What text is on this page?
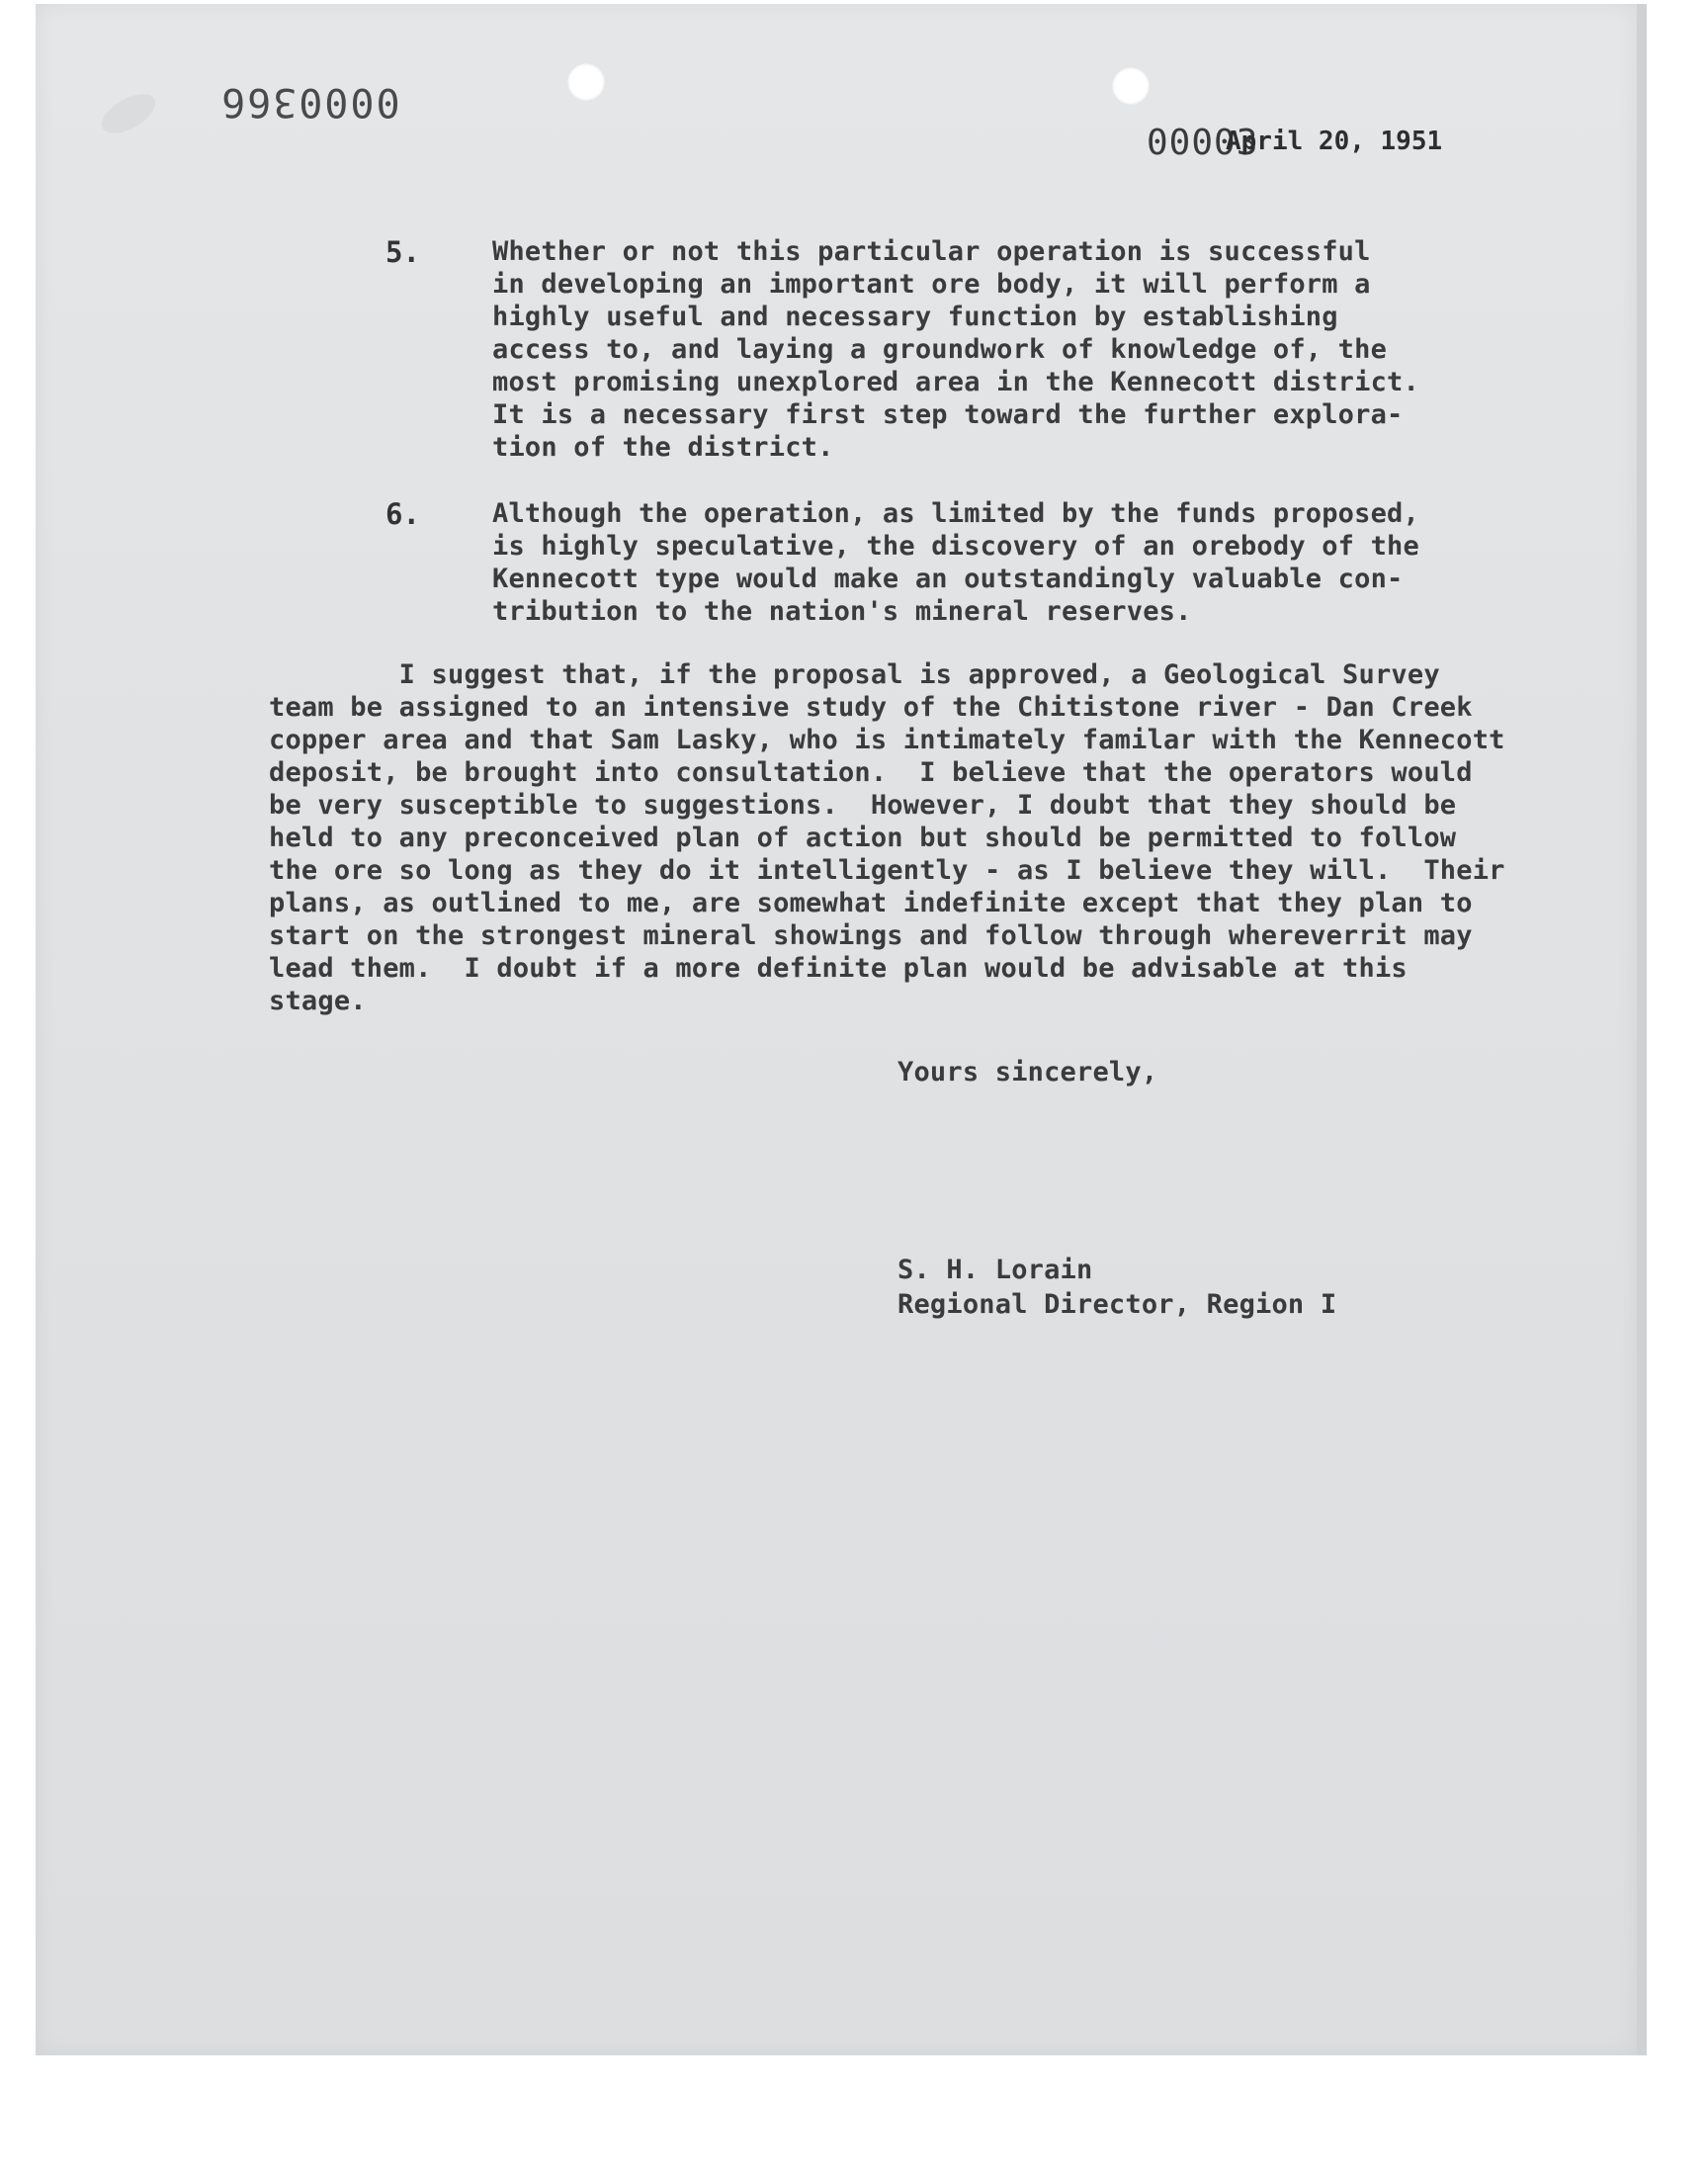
0000366
00003
April 20, 1951
5.	Whether or not this particular operation is successful
in developing an important ore body, it will perform a
highly useful and necessary function by establishing
access to, and laying a groundwork of knowledge of, the
most promising unexplored area in the Kennecott district.
It is a necessary first step toward the further explora-
tion of the district.
6.	Although the operation, as limited by the funds proposed,
is highly speculative, the discovery of an orebody of the
Kennecott type would make an outstandingly valuable con-
tribution to the nation's mineral reserves.
I suggest that, if the proposal is approved, a Geological Survey
team be assigned to an intensive study of the Chitistone river - Dan Creek
copper area and that Sam Lasky, who is intimately familar with the Kennecott
deposit, be brought into consultation.  I believe that the operators would
be very susceptible to suggestions.  However, I doubt that they should be
held to any preconceived plan of action but should be permitted to follow
the ore so long as they do it intelligently - as I believe they will.  Their
plans, as outlined to me, are somewhat indefinite except that they plan to
start on the strongest mineral showings and follow through whereverrit may
lead them.  I doubt if a more definite plan would be advisable at this
stage.
Yours sincerely,
S. H. Lorain
Regional Director, Region I
